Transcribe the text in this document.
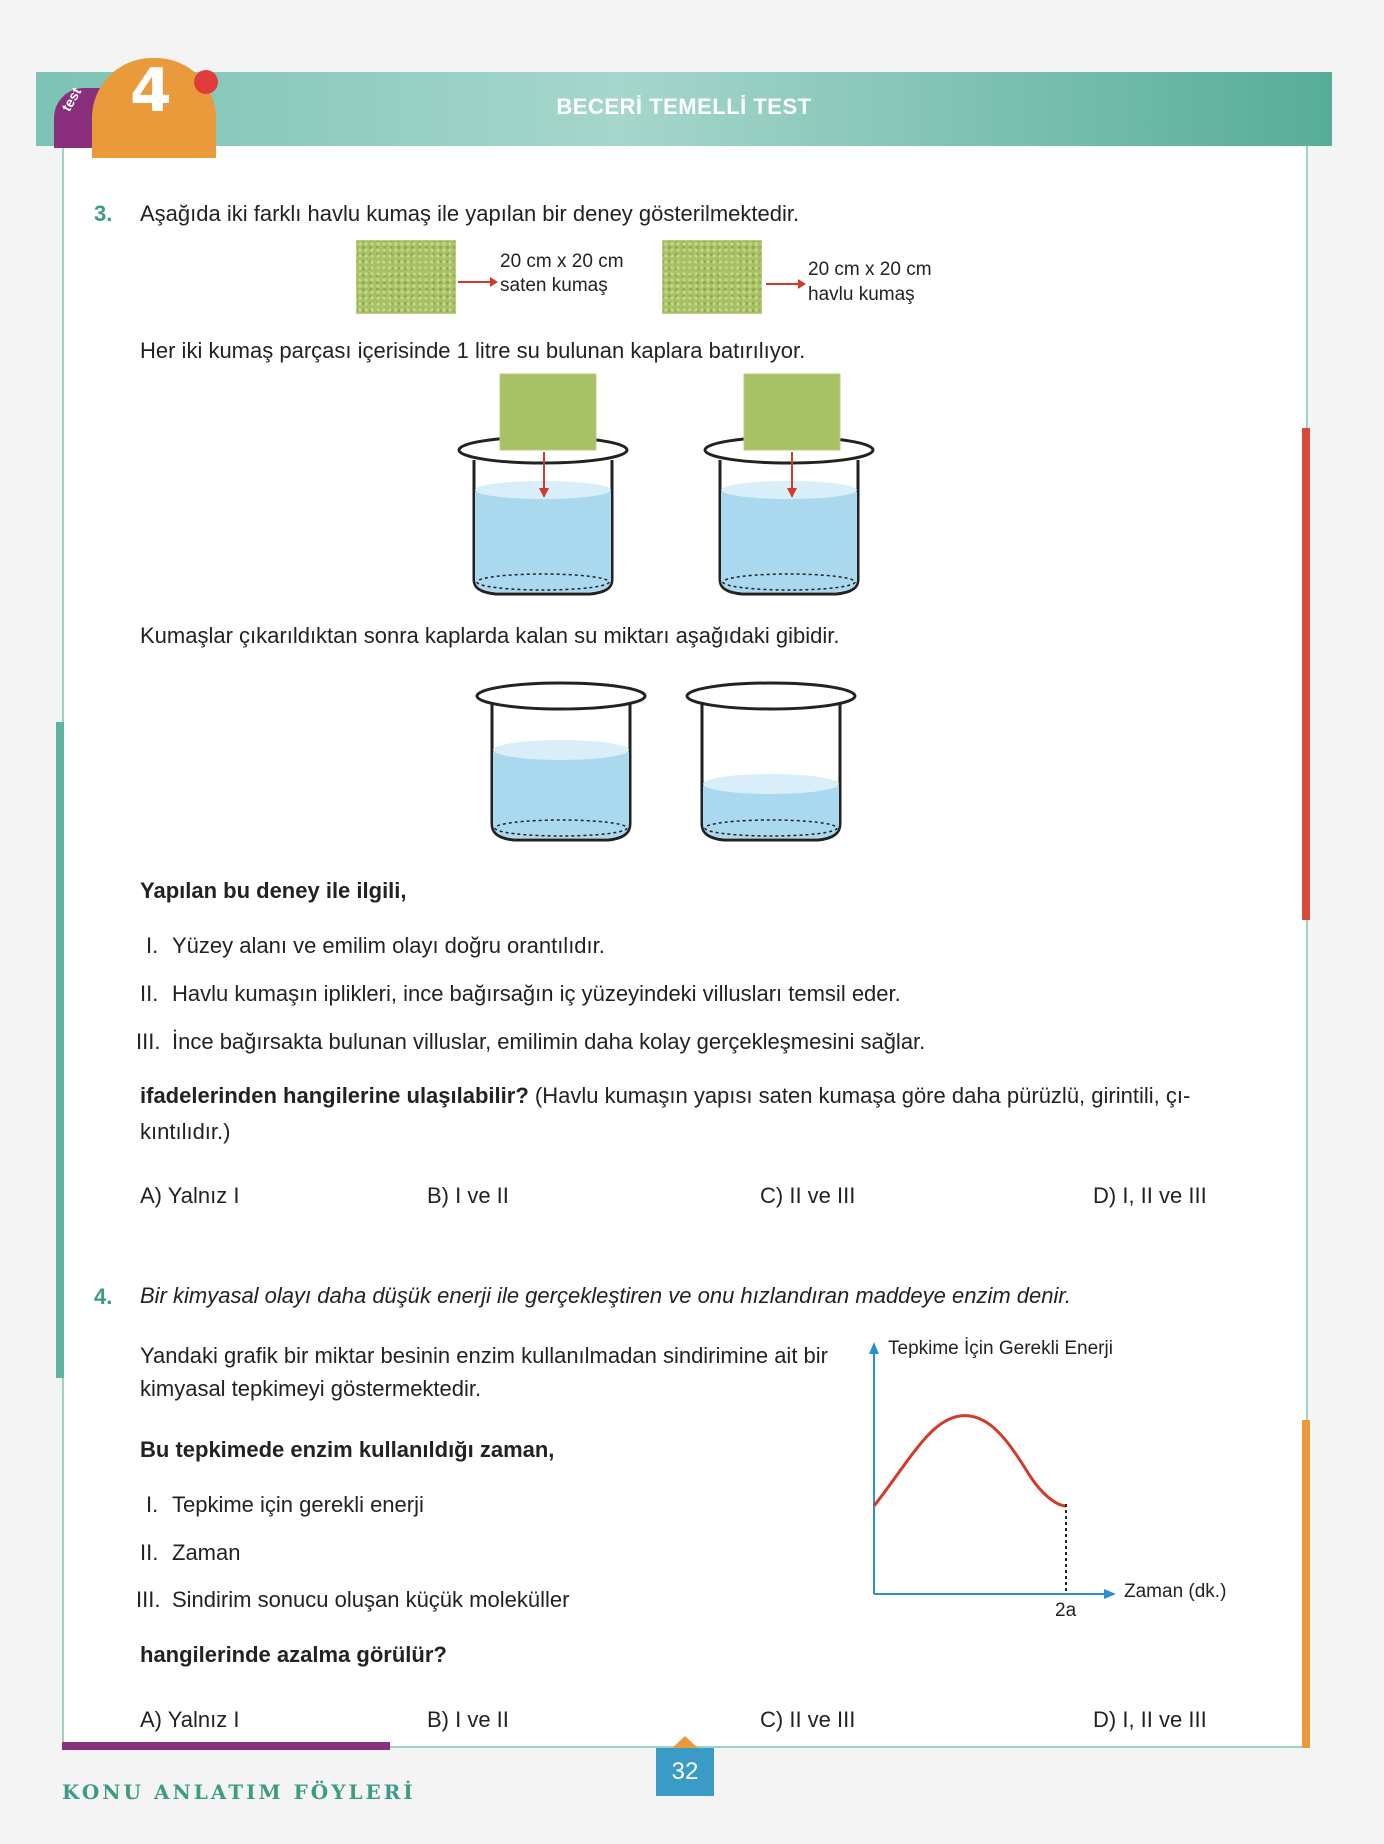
BECERİ TEMELLİ TEST
test 4
3. Aşağıda iki farklı havlu kumaş ile yapılan bir deney gösterilmektedir.
20 cm x 20 cm
saten kumaş
20 cm x 20 cm
havlu kumaş
Her iki kumaş parçası içerisinde 1 litre su bulunan kaplara batırılıyor.
Kumaşlar çıkarıldıktan sonra kaplarda kalan su miktarı aşağıdaki gibidir.
Yapılan bu deney ile ilgili,
I. Yüzey alanı ve emilim olayı doğru orantılıdır.
II. Havlu kumaşın iplikleri, ince bağırsağın iç yüzeyindeki villusları temsil eder.
III. İnce bağırsakta bulunan villuslar, emilimin daha kolay gerçekleşmesini sağlar.
ifadelerinden hangilerine ulaşılabilir? (Havlu kumaşın yapısı saten kumaşa göre daha pürüzlü, girintili, çı-
kıntılıdır.)
A) Yalnız I	B) I ve II	C) II ve III	D) I, II ve III
4. Bir kimyasal olayı daha düşük enerji ile gerçekleştiren ve onu hızlandıran maddeye enzim denir.
Yandaki grafik bir miktar besinin enzim kullanılmadan sindirimine ait bir
kimyasal tepkimeyi göstermektedir.
Bu tepkimede enzim kullanıldığı zaman,
I. Tepkime için gerekli enerji
II. Zaman
III. Sindirim sonucu oluşan küçük moleküller
hangilerinde azalma görülür?
Tepkime İçin Gerekli Enerji
Zaman (dk.)
2a
A) Yalnız I	B) I ve II	C) II ve III	D) I, II ve III
KONU ANLATIM FÖYLERİ
32
